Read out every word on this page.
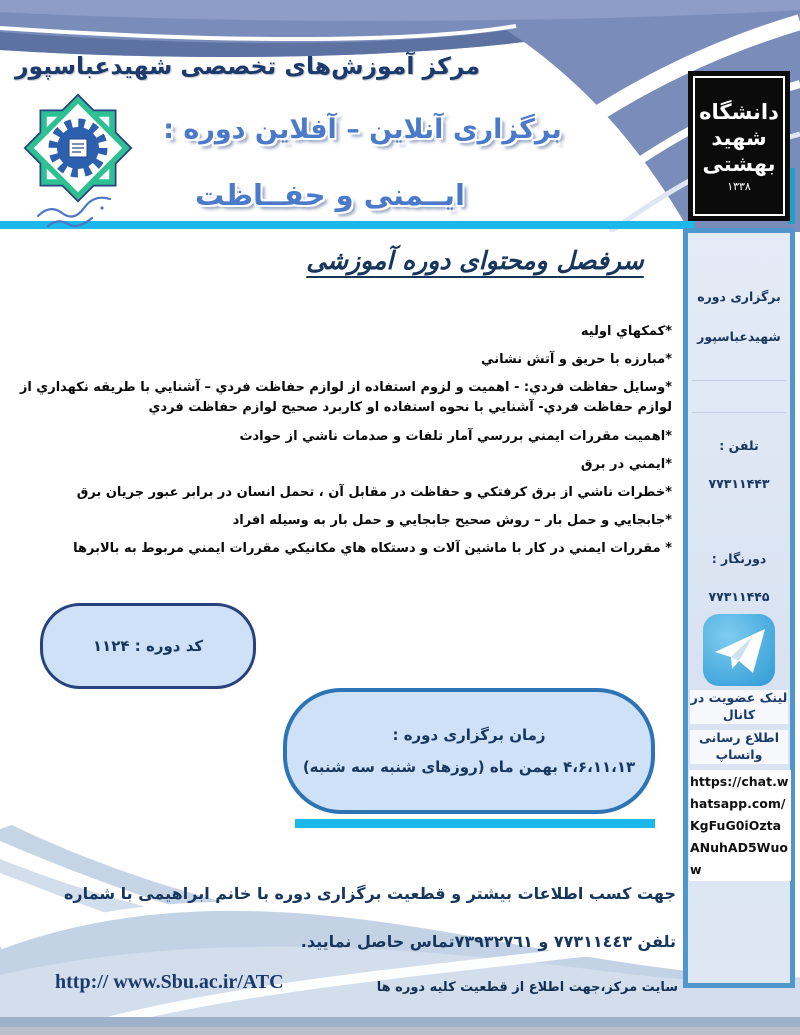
مرکز آموزش‌های تخصصی شهیدعباسپور
دانشگاه
شهید
بهشتی
۱۳۳۸
برگزاری آنلاین – آفلاین دوره :
ایــمنی و حفــاظت
سرفصل ومحتوای دوره آموزشی
*كمكهاي اوليه
*مبارزه با حريق و آتش نشاني
*وسايل حفاظت فردي: - اهميت و لزوم استفاده از لوازم حفاظت فردي – آشنايي با طريقه نكهداري از لوازم حفاظت فردي- آشنايي با نحوه استفاده او كاربرد صحيح لوازم حفاظت فردي
*اهميت مقررات ايمني بررسي آمار تلفات و صدمات ناشي از حوادث
*ايمني در برق
*خطرات ناشي از برق كرفتكي و حفاظت در مقابل آن ، تحمل انسان در برابر عبور جريان برق
*جابجايي و حمل بار – روش صحيح جابجايي و حمل بار به وسيله افراد
* مقررات ايمني در كار با ماشين آلات و دستكاه هاي مكانيكي مقررات ايمني مربوط به بالابرها
كد دوره : ۱۱۲۴
زمان برگزاری دوره :
۴،۶،۱۱،۱۳ بهمن ماه (روزهای شنبه سه شنبه)
برگزاری دوره
شهیدعباسپور
تلفن :
۷۷۳۱۱۴۴۳
دورنگار :
۷۷۳۱۱۴۴۵
لینک عضویت در کانال
اطلاع رسانی واتساپ
https://chat.whatsapp.com/KgFuG0iOztaANuhAD5Wuow
جهت کسب اطلاعات بیشتر و قطعیت برگزاری دوره با خانم ابراهیمی با شماره
تلفن ٧٧٣١١٤٤٣ و ٧٣٩٣٢٧٦١تماس حاصل نمایید.
سایت مرکز،جهت اطلاع از قطعیت کلیه دوره ها
http:// www.Sbu.ac.ir/ATC
